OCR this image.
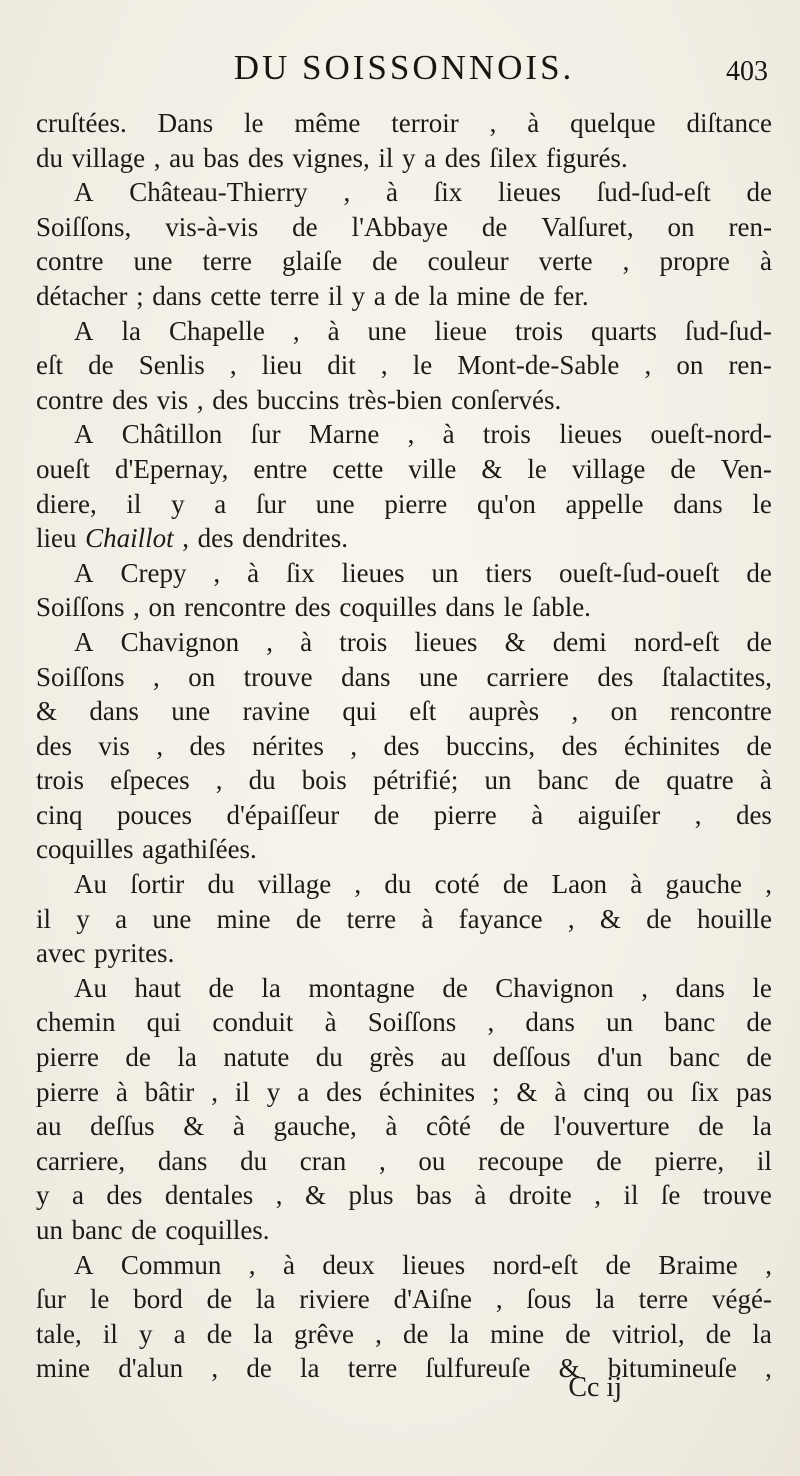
DU SOISSONNOIS.	403
cruſtées. Dans le même terroir , à quelque diſtance
du village , au bas des vignes, il y a des ſilex figurés.
A Château-Thierry , à ſix lieues ſud-ſud-eſt de
Soiſſons, vis-à-vis de l'Abbaye de Valſuret, on ren-
contre une terre glaiſe de couleur verte , propre à
détacher ; dans cette terre il y a de la mine de fer.
A la Chapelle , à une lieue trois quarts ſud-ſud-
eſt de Senlis , lieu dit , le Mont-de-Sable , on ren-
contre des vis , des buccins très-bien conſervés.
A Châtillon ſur Marne , à trois lieues oueſt-nord-
oueſt d'Epernay, entre cette ville & le village de Ven-
diere, il y a ſur une pierre qu'on appelle dans le
lieu Chaillot , des dendrites.
A Crepy , à ſix lieues un tiers oueſt-ſud-oueſt de
Soiſſons , on rencontre des coquilles dans le ſable.
A Chavignon , à trois lieues & demi nord-eſt de
Soiſſons , on trouve dans une carriere des ſtalactites,
& dans une ravine qui eſt auprès , on rencontre
des vis , des nérites , des buccins, des échinites de
trois eſpeces , du bois pétrifié; un banc de quatre à
cinq pouces d'épaiſſeur de pierre à aiguiſer , des
coquilles agathiſées.
Au ſortir du village , du coté de Laon à gauche ,
il y a une mine de terre à fayance , & de houille
avec pyrites.
Au haut de la montagne de Chavignon , dans le
chemin qui conduit à Soiſſons , dans un banc de
pierre de la natute du grès au deſſous d'un banc de
pierre à bâtir , il y a des échinites ; & à cinq ou ſix pas
au deſſus & à gauche, à côté de l'ouverture de la
carriere, dans du cran , ou recoupe de pierre, il
y a des dentales , & plus bas à droite , il ſe trouve
un banc de coquilles.
A Commun , à deux lieues nord-eſt de Braime ,
ſur le bord de la riviere d'Aiſne , ſous la terre végé-
tale, il y a de la grêve , de la mine de vitriol, de la
mine d'alun , de la terre ſulfureuſe & bitumineuſe ,
Cc ij
